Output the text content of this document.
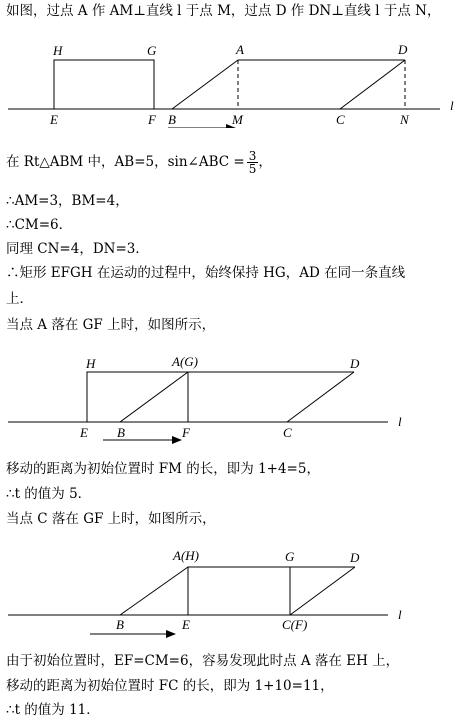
如图，过点 A 作 AM⊥直线 l 于点 M，过点 D 作 DN⊥直线 l 于点 N，
H	G	A	D
l
E	F B	M	C	N
在 Rt△ABM 中，AB=5，sin∠ABC = $\frac{3}{5}$ ，
∴AM=3，BM=4，
∴CM=6．
同理 CN=4，DN=3．
∴矩形 EFGH 在运动的过程中，始终保持 HG，AD 在同一条直线
上．
当点 A 落在 GF 上时，如图所示，
H	A(G)	D
l
E B	F	C
移动的距离为初始位置时 FM 的长，即为 1+4=5，
∴t 的值为 5．
当点 C 落在 GF 上时，如图所示，
A(H)	G	D
l
B	E	C(F)
由于初始位置时，EF=CM=6，容易发现此时点 A 落在 EH 上，
移动的距离为初始位置时 FC 的长，即为 1+10=11，
∴t 的值为 11．
